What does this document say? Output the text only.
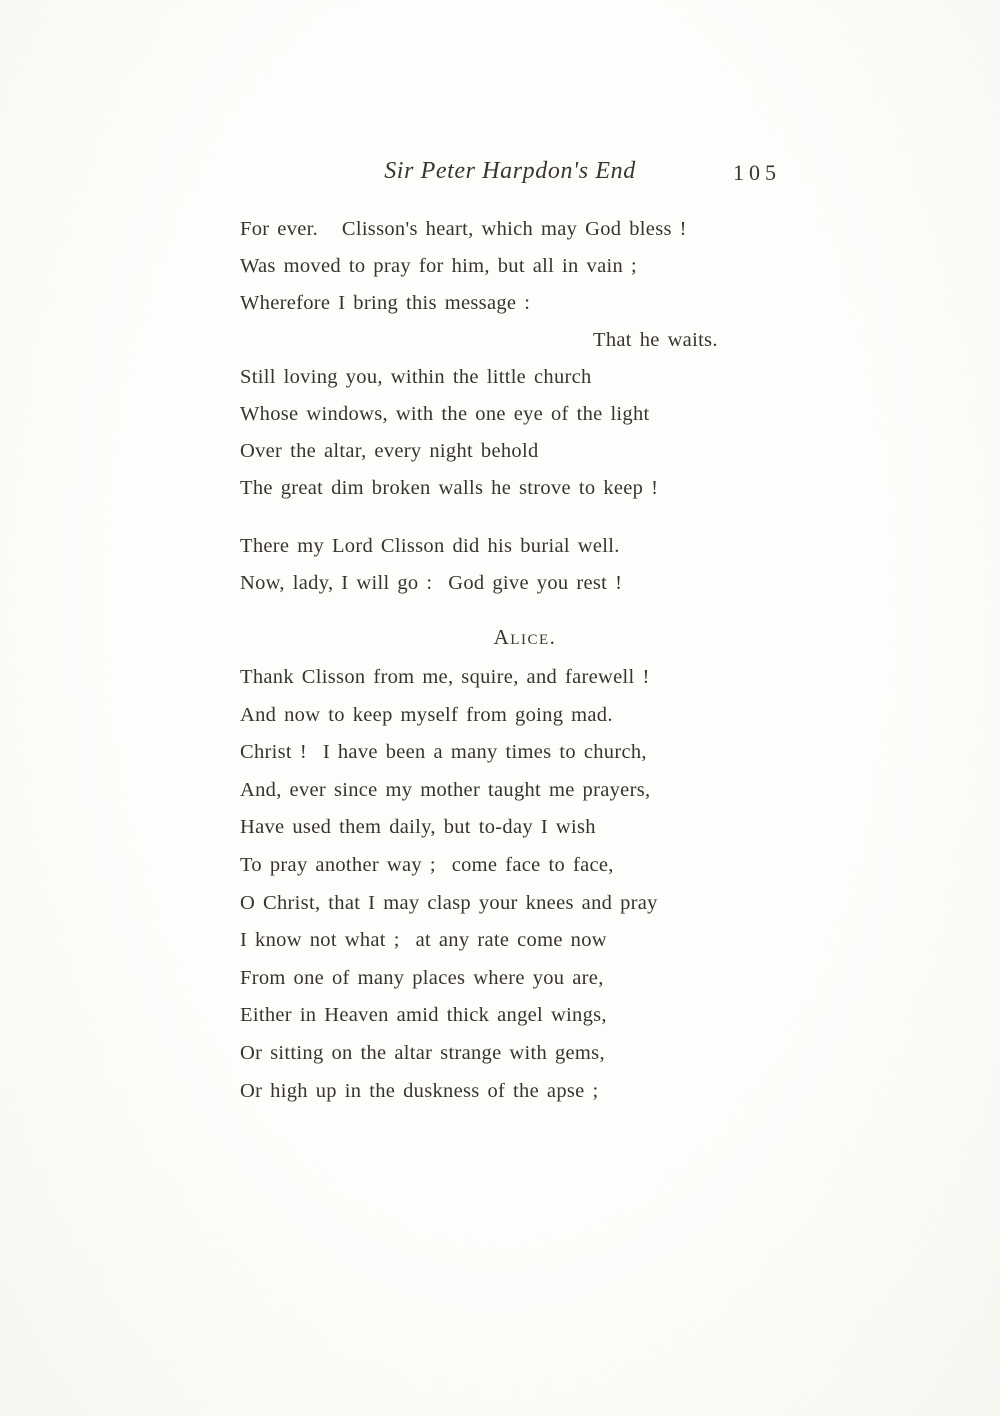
Sir Peter Harpdon's End	105

For ever.   Clisson's heart, which may God bless !

Was moved to pray for him, but all in vain ;

Wherefore I bring this message :

That he waits.

Still loving you, within the little church

Whose windows, with the one eye of the light

Over the altar, every night behold

The great dim broken walls he strove to keep !

There my Lord Clisson did his burial well.

Now, lady, I will go :  God give you rest !

Alice.

Thank Clisson from me, squire, and farewell !

And now to keep myself from going mad.

Christ !  I have been a many times to church,

And, ever since my mother taught me prayers,

Have used them daily, but to-day I wish

To pray another way ;  come face to face,

O Christ, that I may clasp your knees and pray

I know not what ;  at any rate come now

From one of many places where you are,

Either in Heaven amid thick angel wings,

Or sitting on the altar strange with gems,

Or high up in the duskness of the apse ;
